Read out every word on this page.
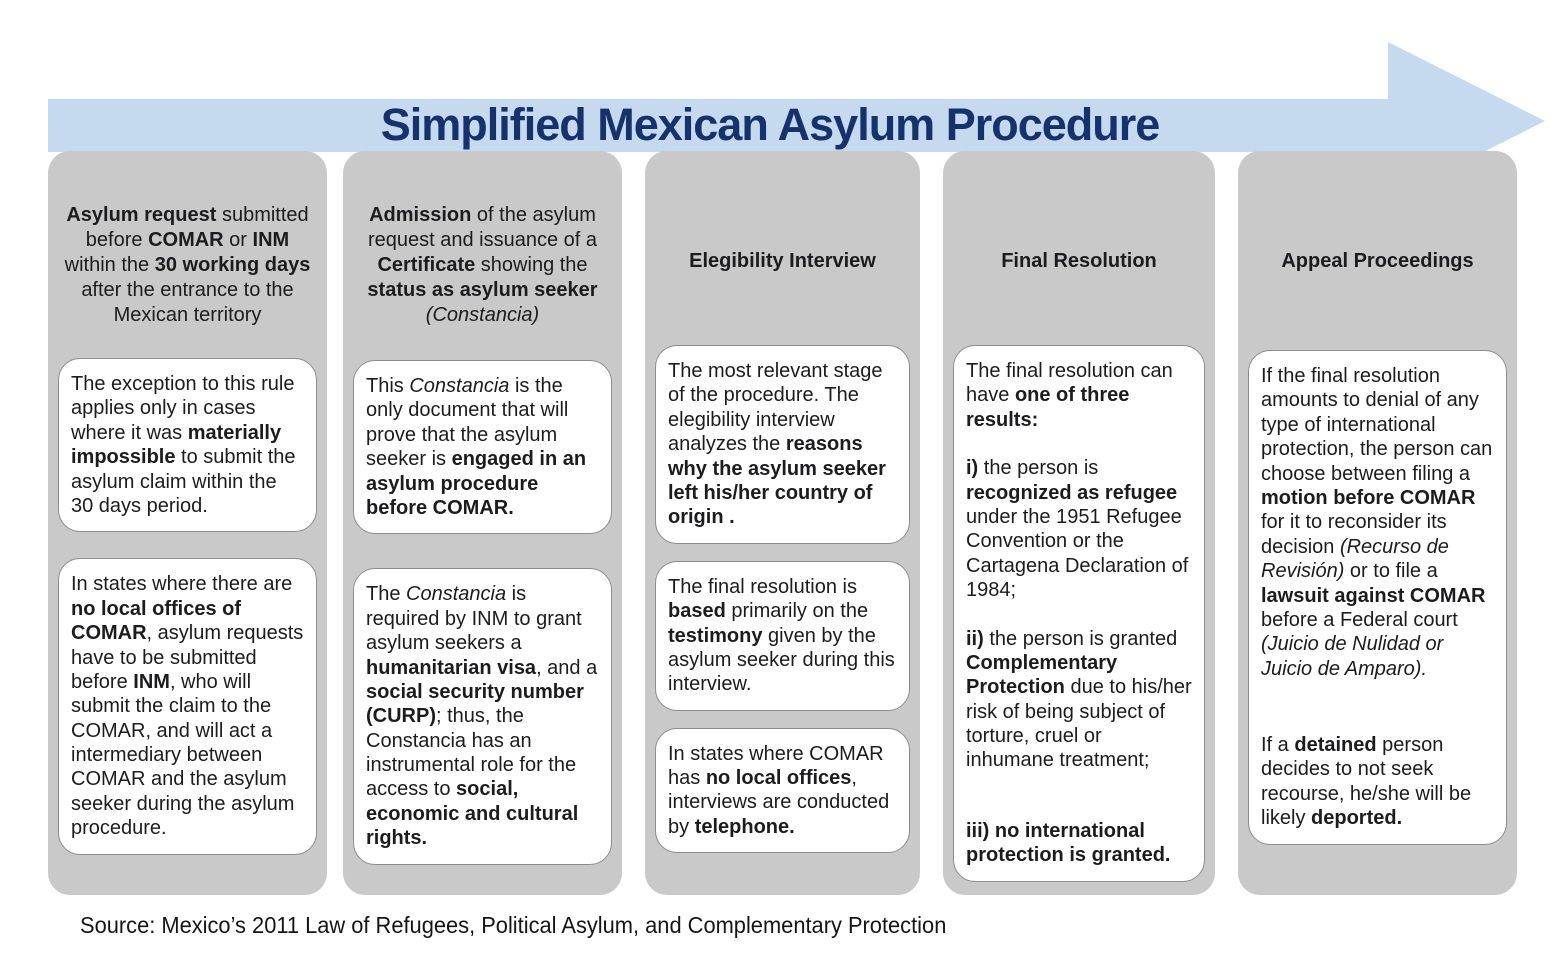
Simplified Mexican Asylum Procedure

Asylum request submitted before COMAR or INM within the 30 working days after the entrance to the Mexican territory

The exception to this rule applies only in cases where it was materially impossible to submit the asylum claim within the 30 days period.

In states where there are no local offices of COMAR, asylum requests have to be submitted before INM, who will submit the claim to the COMAR, and will act a intermediary between COMAR and the asylum seeker during the asylum procedure.

Admission of the asylum request and issuance of a Certificate showing the status as asylum seeker
(Constancia)

This Constancia is the only document that will prove that the asylum seeker is engaged in an asylum procedure before COMAR.

The Constancia is required by INM to grant asylum seekers a humanitarian visa, and a social security number (CURP); thus, the Constancia has an instrumental role for the access to social, economic and cultural rights.

Elegibility Interview

The most relevant stage of the procedure. The elegibility interview analyzes the reasons why the asylum seeker left his/her country of origin .

The final resolution is based primarily on the testimony given by the asylum seeker during this interview.

In states where COMAR has no local offices, interviews are conducted by telephone.

Final Resolution

The final resolution can have one of three results:

i) the person is recognized as refugee under the 1951 Refugee Convention or the Cartagena Declaration of 1984;

ii) the person is granted Complementary Protection due to his/her risk of being subject of torture, cruel or inhumane treatment;

iii) no international protection is granted.

Appeal Proceedings

If the final resolution amounts to denial of any type of international protection, the person can choose between filing a motion before COMAR for it to reconsider its decision (Recurso de Revisión) or to file a lawsuit against COMAR before a Federal court (Juicio de Nulidad or Juicio de Amparo).

If a detained person decides to not seek recourse, he/she will be likely deported.

Source: Mexico’s 2011 Law of Refugees, Political Asylum, and Complementary Protection
